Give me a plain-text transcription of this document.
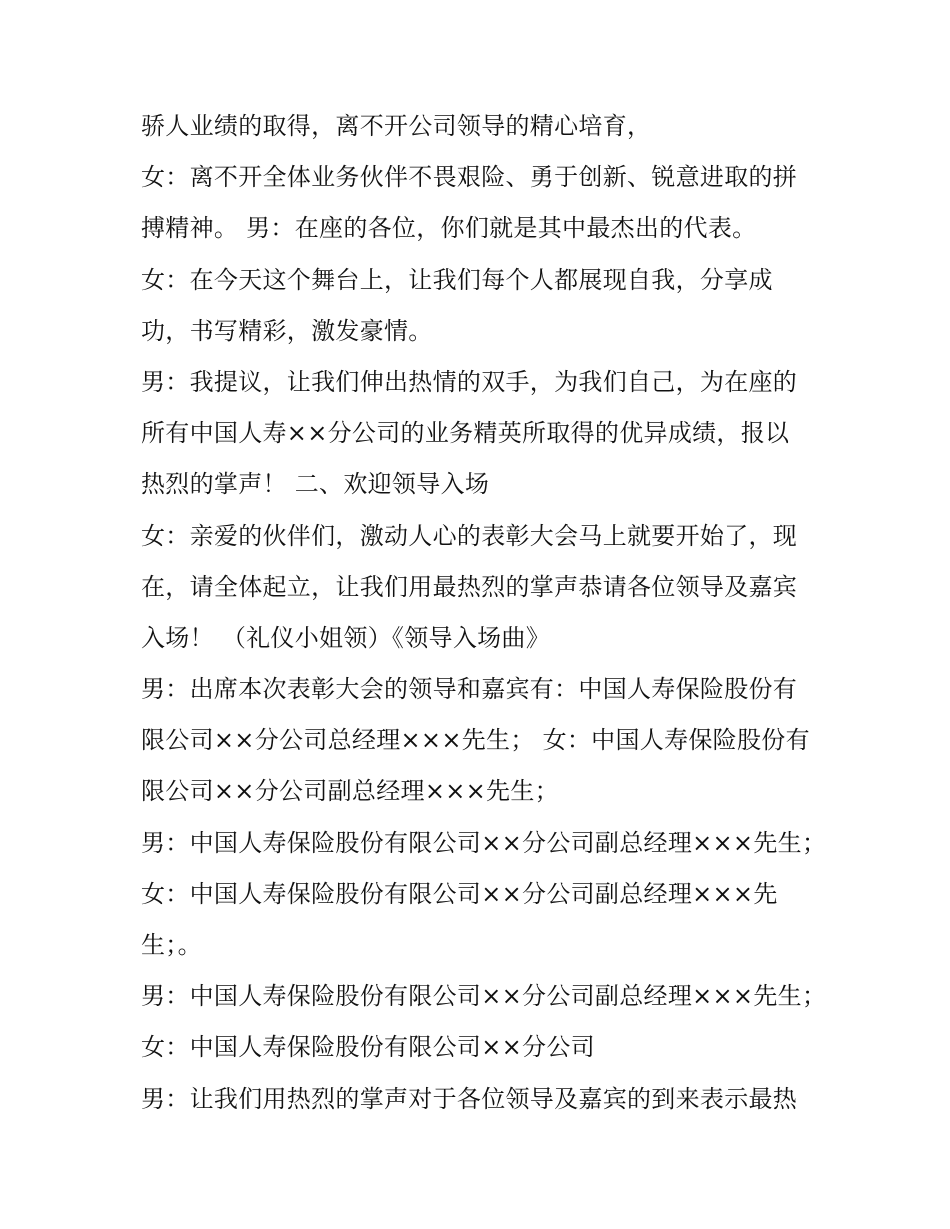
骄人业绩的取得，离不开公司领导的精心培育，
女：离不开全体业务伙伴不畏艰险、勇于创新、锐意进取的拼
搏精神。 男：在座的各位，你们就是其中最杰出的代表。
女：在今天这个舞台上，让我们每个人都展现自我，分享成
功，书写精彩，激发豪情。
男：我提议，让我们伸出热情的双手，为我们自己，为在座的
所有中国人寿××分公司的业务精英所取得的优异成绩，报以
热烈的掌声！ 二、欢迎领导入场
女：亲爱的伙伴们，激动人心的表彰大会马上就要开始了，现
在，请全体起立，让我们用最热烈的掌声恭请各位领导及嘉宾
入场！ （礼仪小姐领）《领导入场曲》
男：出席本次表彰大会的领导和嘉宾有：中国人寿保险股份有
限公司××分公司总经理×××先生； 女：中国人寿保险股份有
限公司××分公司副总经理×××先生；
男：中国人寿保险股份有限公司××分公司副总经理×××先生；
女：中国人寿保险股份有限公司××分公司副总经理×××先
生；。
男：中国人寿保险股份有限公司××分公司副总经理×××先生；
女：中国人寿保险股份有限公司××分公司
男：让我们用热烈的掌声对于各位领导及嘉宾的到来表示最热
